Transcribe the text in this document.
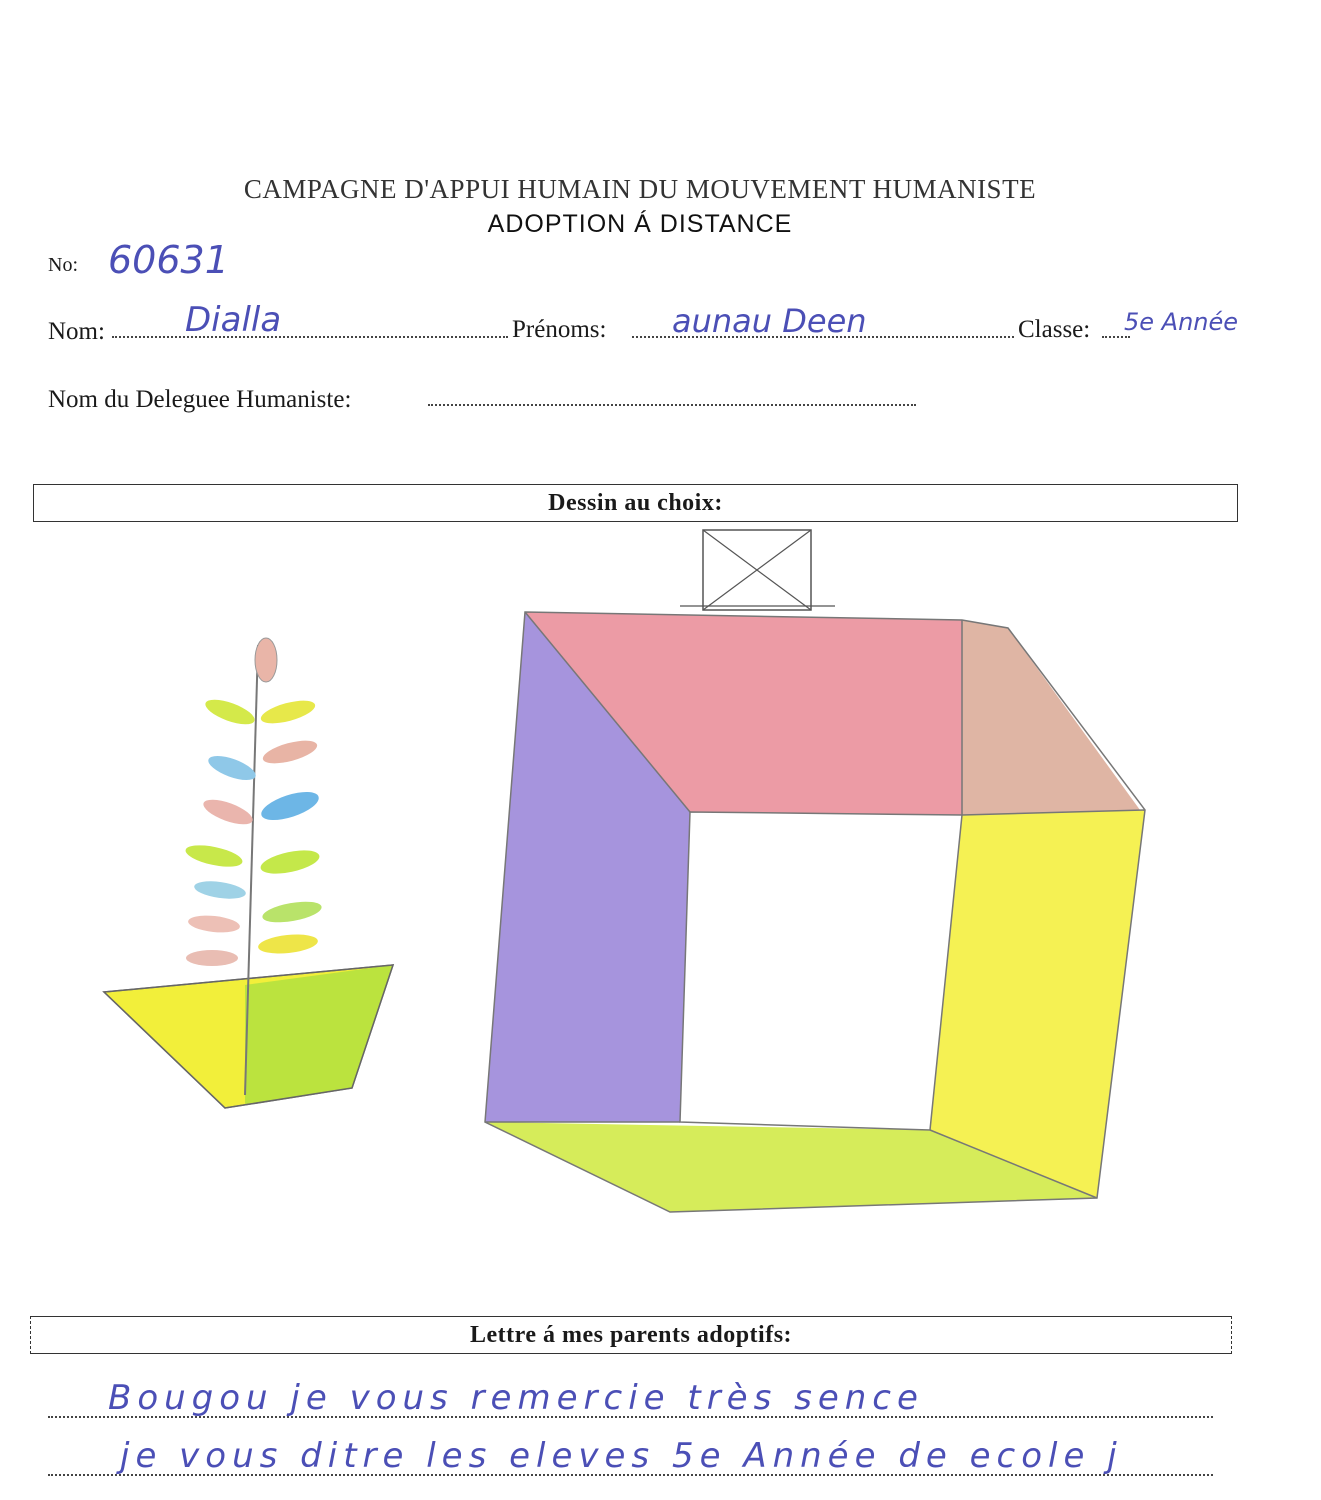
CAMPAGNE D'APPUI HUMAIN DU MOUVEMENT HUMANISTE
ADOPTION Á DISTANCE
No: 60631
Nom: Dialla	Prénoms: aunau Deen	Classe: 5e Année
Nom du Deleguee Humaniste:
Dessin au choix:
Lettre á mes parents adoptifs:
Bougou je vous remercie très sence
je vous ditre les eleves 5e Année de ecole j
